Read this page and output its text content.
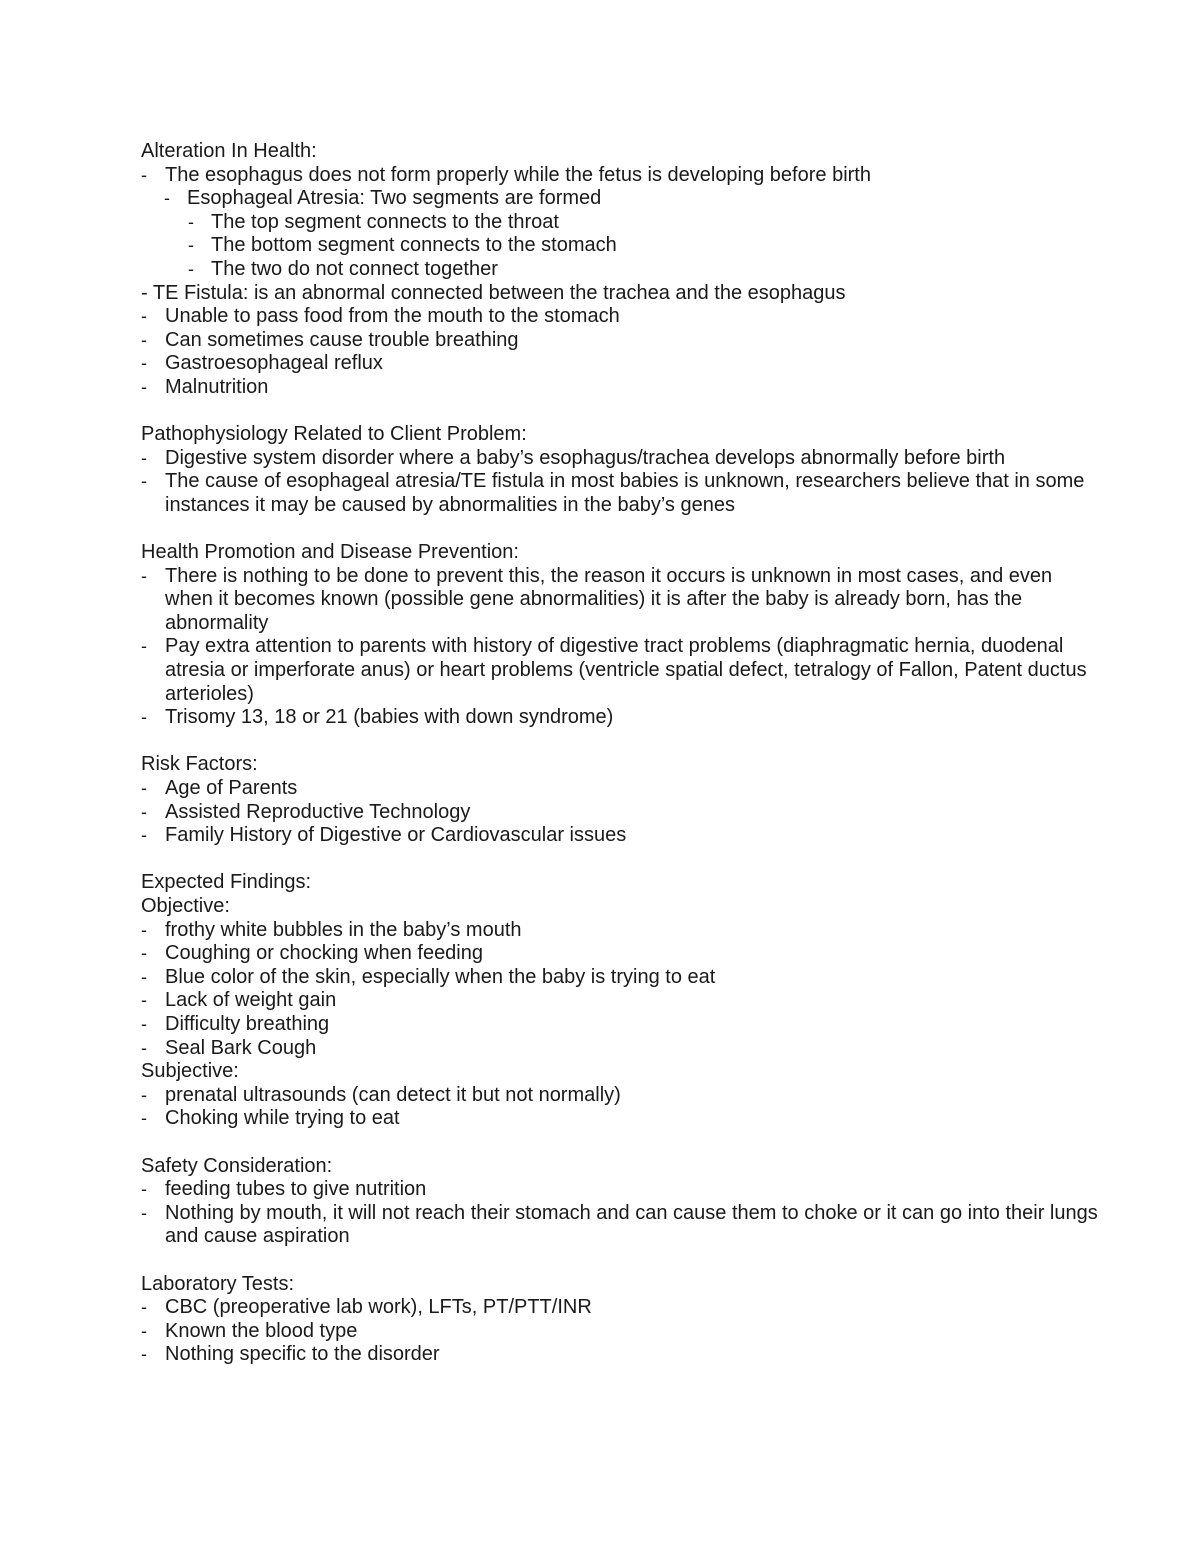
Alteration In Health:

- The esophagus does not form properly while the fetus is developing before birth
- Esophageal Atresia: Two segments are formed
- The top segment connects to the throat
- The bottom segment connects to the stomach
- The two do not connect together

- TE Fistula: is an abnormal connected between the trachea and the esophagus

- Unable to pass food from the mouth to the stomach
- Can sometimes cause trouble breathing
- Gastroesophageal reflux
- Malnutrition

Pathophysiology Related to Client Problem:

- Digestive system disorder where a baby’s esophagus/trachea develops abnormally before birth
- The cause of esophageal atresia/TE fistula in most babies is unknown, researchers believe that in some instances it may be caused by abnormalities in the baby’s genes

Health Promotion and Disease Prevention:

- There is nothing to be done to prevent this, the reason it occurs is unknown in most cases, and even when it becomes known (possible gene abnormalities) it is after the baby is already born, has the abnormality
- Pay extra attention to parents with history of digestive tract problems (diaphragmatic hernia, duodenal atresia or imperforate anus) or heart problems (ventricle spatial defect, tetralogy of Fallon, Patent ductus arterioles)
- Trisomy 13, 18 or 21 (babies with down syndrome)

Risk Factors:

- Age of Parents
- Assisted Reproductive Technology
- Family History of Digestive or Cardiovascular issues

Expected Findings:

Objective:

- frothy white bubbles in the baby’s mouth
- Coughing or chocking when feeding
- Blue color of the skin, especially when the baby is trying to eat
- Lack of weight gain
- Difficulty breathing
- Seal Bark Cough

Subjective:

- prenatal ultrasounds (can detect it but not normally)
- Choking while trying to eat

Safety Consideration:

- feeding tubes to give nutrition
- Nothing by mouth, it will not reach their stomach and can cause them to choke or it can go into their lungs and cause aspiration

Laboratory Tests:

- CBC (preoperative lab work), LFTs, PT/PTT/INR
- Known the blood type
- Nothing specific to the disorder
